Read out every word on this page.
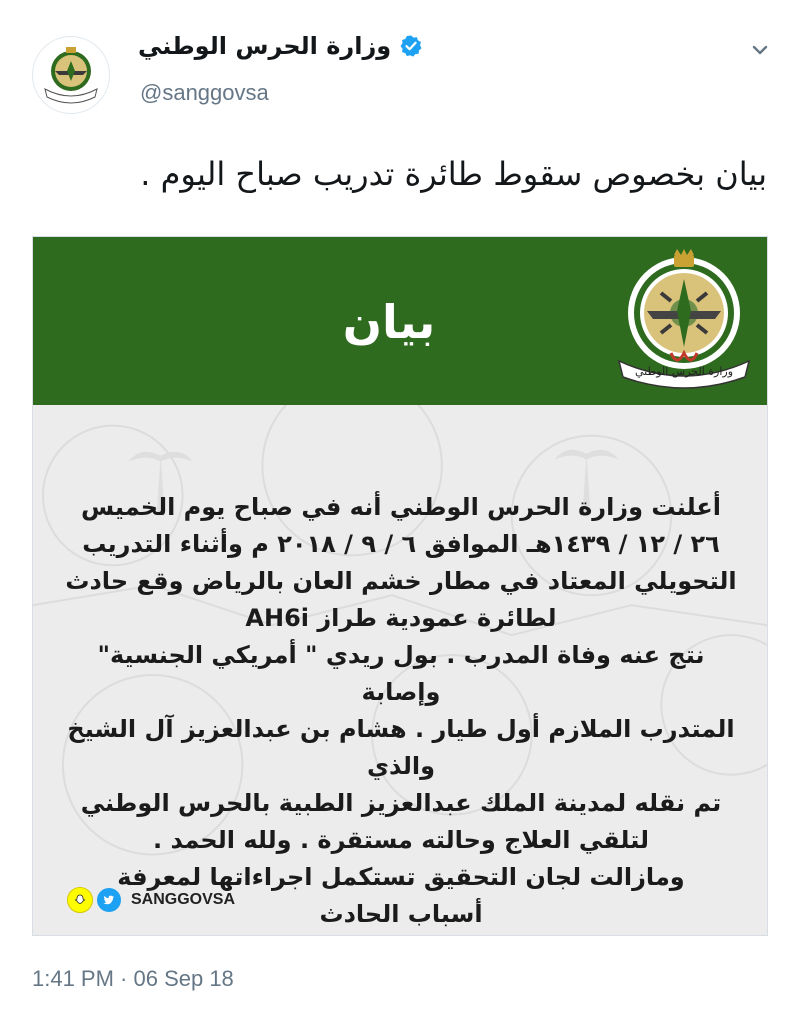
وزارة الحرس الوطني
@sanggovsa
بيان بخصوص سقوط طائرة تدريب صباح اليوم .
بيان
وزارة الحرس الوطني

أعلنت وزارة الحرس الوطني أنه في صباح يوم الخميس

٢٦ / ١٢ / ١٤٣٩هـ الموافق ٦ / ٩ / ٢٠١٨ م وأثناء التدريب

التحويلي المعتاد في مطار خشم العان بالرياض وقع حادث

لطائرة عمودية طراز AH6i

نتج عنه وفاة المدرب . بول ريدي " أمريكي الجنسية" وإصابة

المتدرب الملازم أول طيار . هشام بن عبدالعزيز آل الشيخ والذي

تم نقله لمدينة الملك عبدالعزيز الطبية بالحرس الوطني

لتلقي العلاج وحالته مستقرة . ولله الحمد .

ومازالت لجان التحقيق تستكمل اجراءاتها لمعرفة

أسباب الحادث

SANGGOVSA
1:41 PM · 06 Sep 18
